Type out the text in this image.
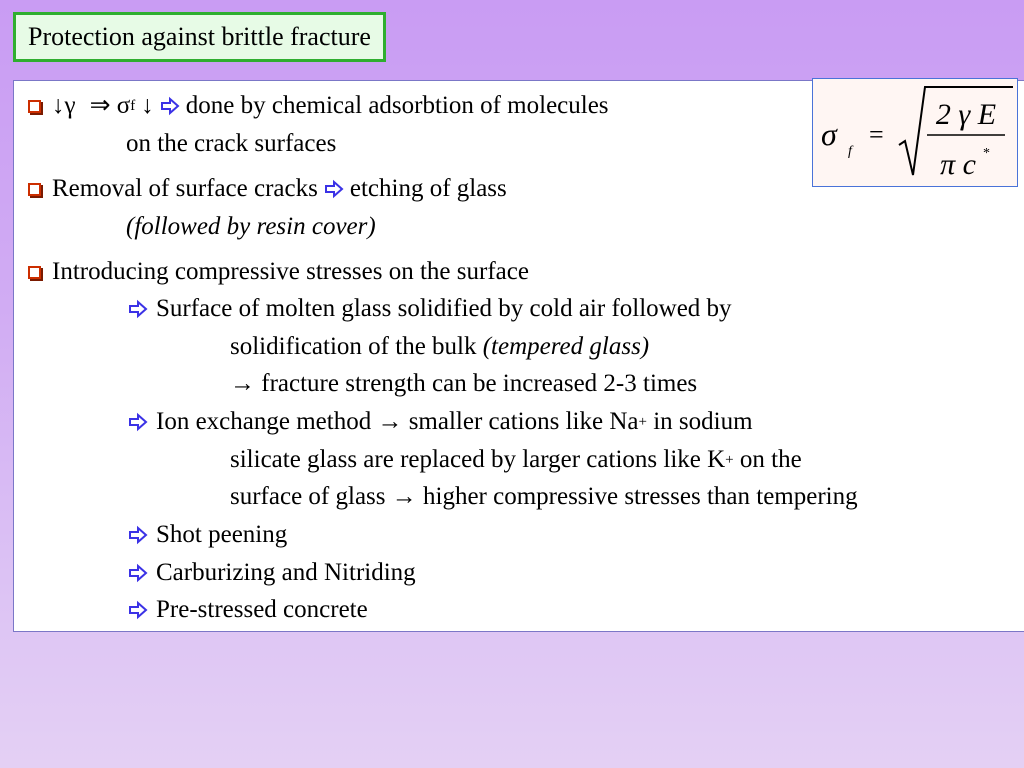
Protection against brittle fracture
↓γ ⇒ σ f ↓ done by chemical adsorbtion of molecules
on the crack surfaces
Removal of surface cracks etching of glass
(followed by resin cover)
Introducing compressive stresses on the surface
Surface of molten glass solidified by cold air followed by
solidification of the bulk
(tempered glass)
→ fracture strength can be increased 2-3 times
Ion exchange method → smaller cations like Na +
in sodium
silicate glass are replaced by larger cations like K +
on the
surface of glass → higher compressive stresses than tempering
Shot peening
Carburizing and Nitriding
Pre-stressed concrete
σ f
=
2 γ E
π c *
